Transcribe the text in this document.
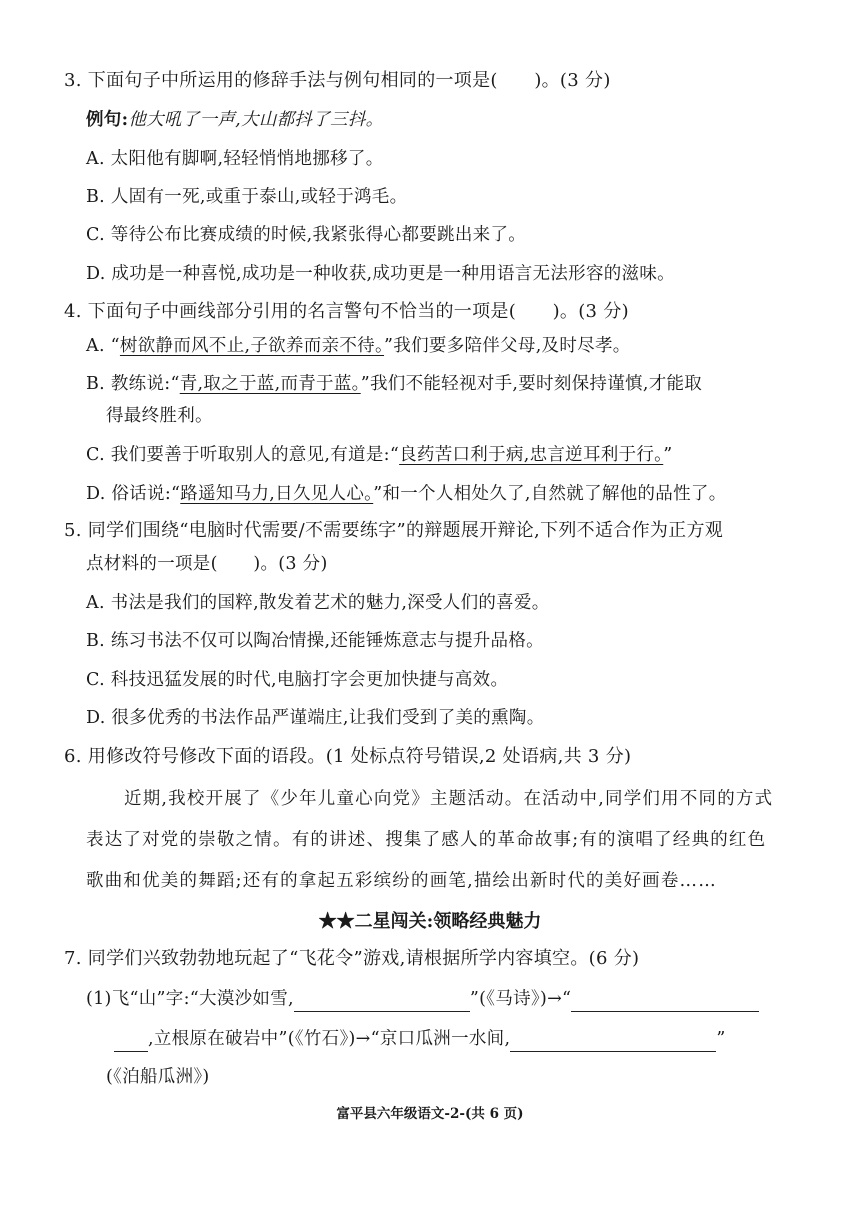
3. 下面句子中所运用的修辞手法与例句相同的一项是(　　)。(3 分)
例句:他大吼了一声,大山都抖了三抖。
A. 太阳他有脚啊,轻轻悄悄地挪移了。
B. 人固有一死,或重于泰山,或轻于鸿毛。
C. 等待公布比赛成绩的时候,我紧张得心都要跳出来了。
D. 成功是一种喜悦,成功是一种收获,成功更是一种用语言无法形容的滋味。
4. 下面句子中画线部分引用的名言警句不恰当的一项是(　　)。(3 分)
A. “树欲静而风不止,子欲养而亲不待。”我们要多陪伴父母,及时尽孝。
B. 教练说:“青,取之于蓝,而青于蓝。”我们不能轻视对手,要时刻保持谨慎,才能取
得最终胜利。
C. 我们要善于听取别人的意见,有道是:“良药苦口利于病,忠言逆耳利于行。”
D. 俗话说:“路遥知马力,日久见人心。”和一个人相处久了,自然就了解他的品性了。
5. 同学们围绕“电脑时代需要/不需要练字”的辩题展开辩论,下列不适合作为正方观
点材料的一项是(　　)。(3 分)
A. 书法是我们的国粹,散发着艺术的魅力,深受人们的喜爱。
B. 练习书法不仅可以陶冶情操,还能锤炼意志与提升品格。
C. 科技迅猛发展的时代,电脑打字会更加快捷与高效。
D. 很多优秀的书法作品严谨端庄,让我们受到了美的熏陶。
6. 用修改符号修改下面的语段。(1 处标点符号错误,2 处语病,共 3 分)
近期,我校开展了《少年儿童心向党》主题活动。在活动中,同学们用不同的方式
表达了对党的崇敬之情。有的讲述、搜集了感人的革命故事;有的演唱了经典的红色
歌曲和优美的舞蹈;还有的拿起五彩缤纷的画笔,描绘出新时代的美好画卷……
★★二星闯关:领略经典魅力
7. 同学们兴致勃勃地玩起了“飞花令”游戏,请根据所学内容填空。(6 分)
(1)飞“山”字:“大漠沙如雪,	”(《马诗》)→“
,立根原在破岩中”(《竹石》)→“京口瓜洲一水间,	”
(《泊船瓜洲》)
富平县六年级语文-2-(共 6 页)
